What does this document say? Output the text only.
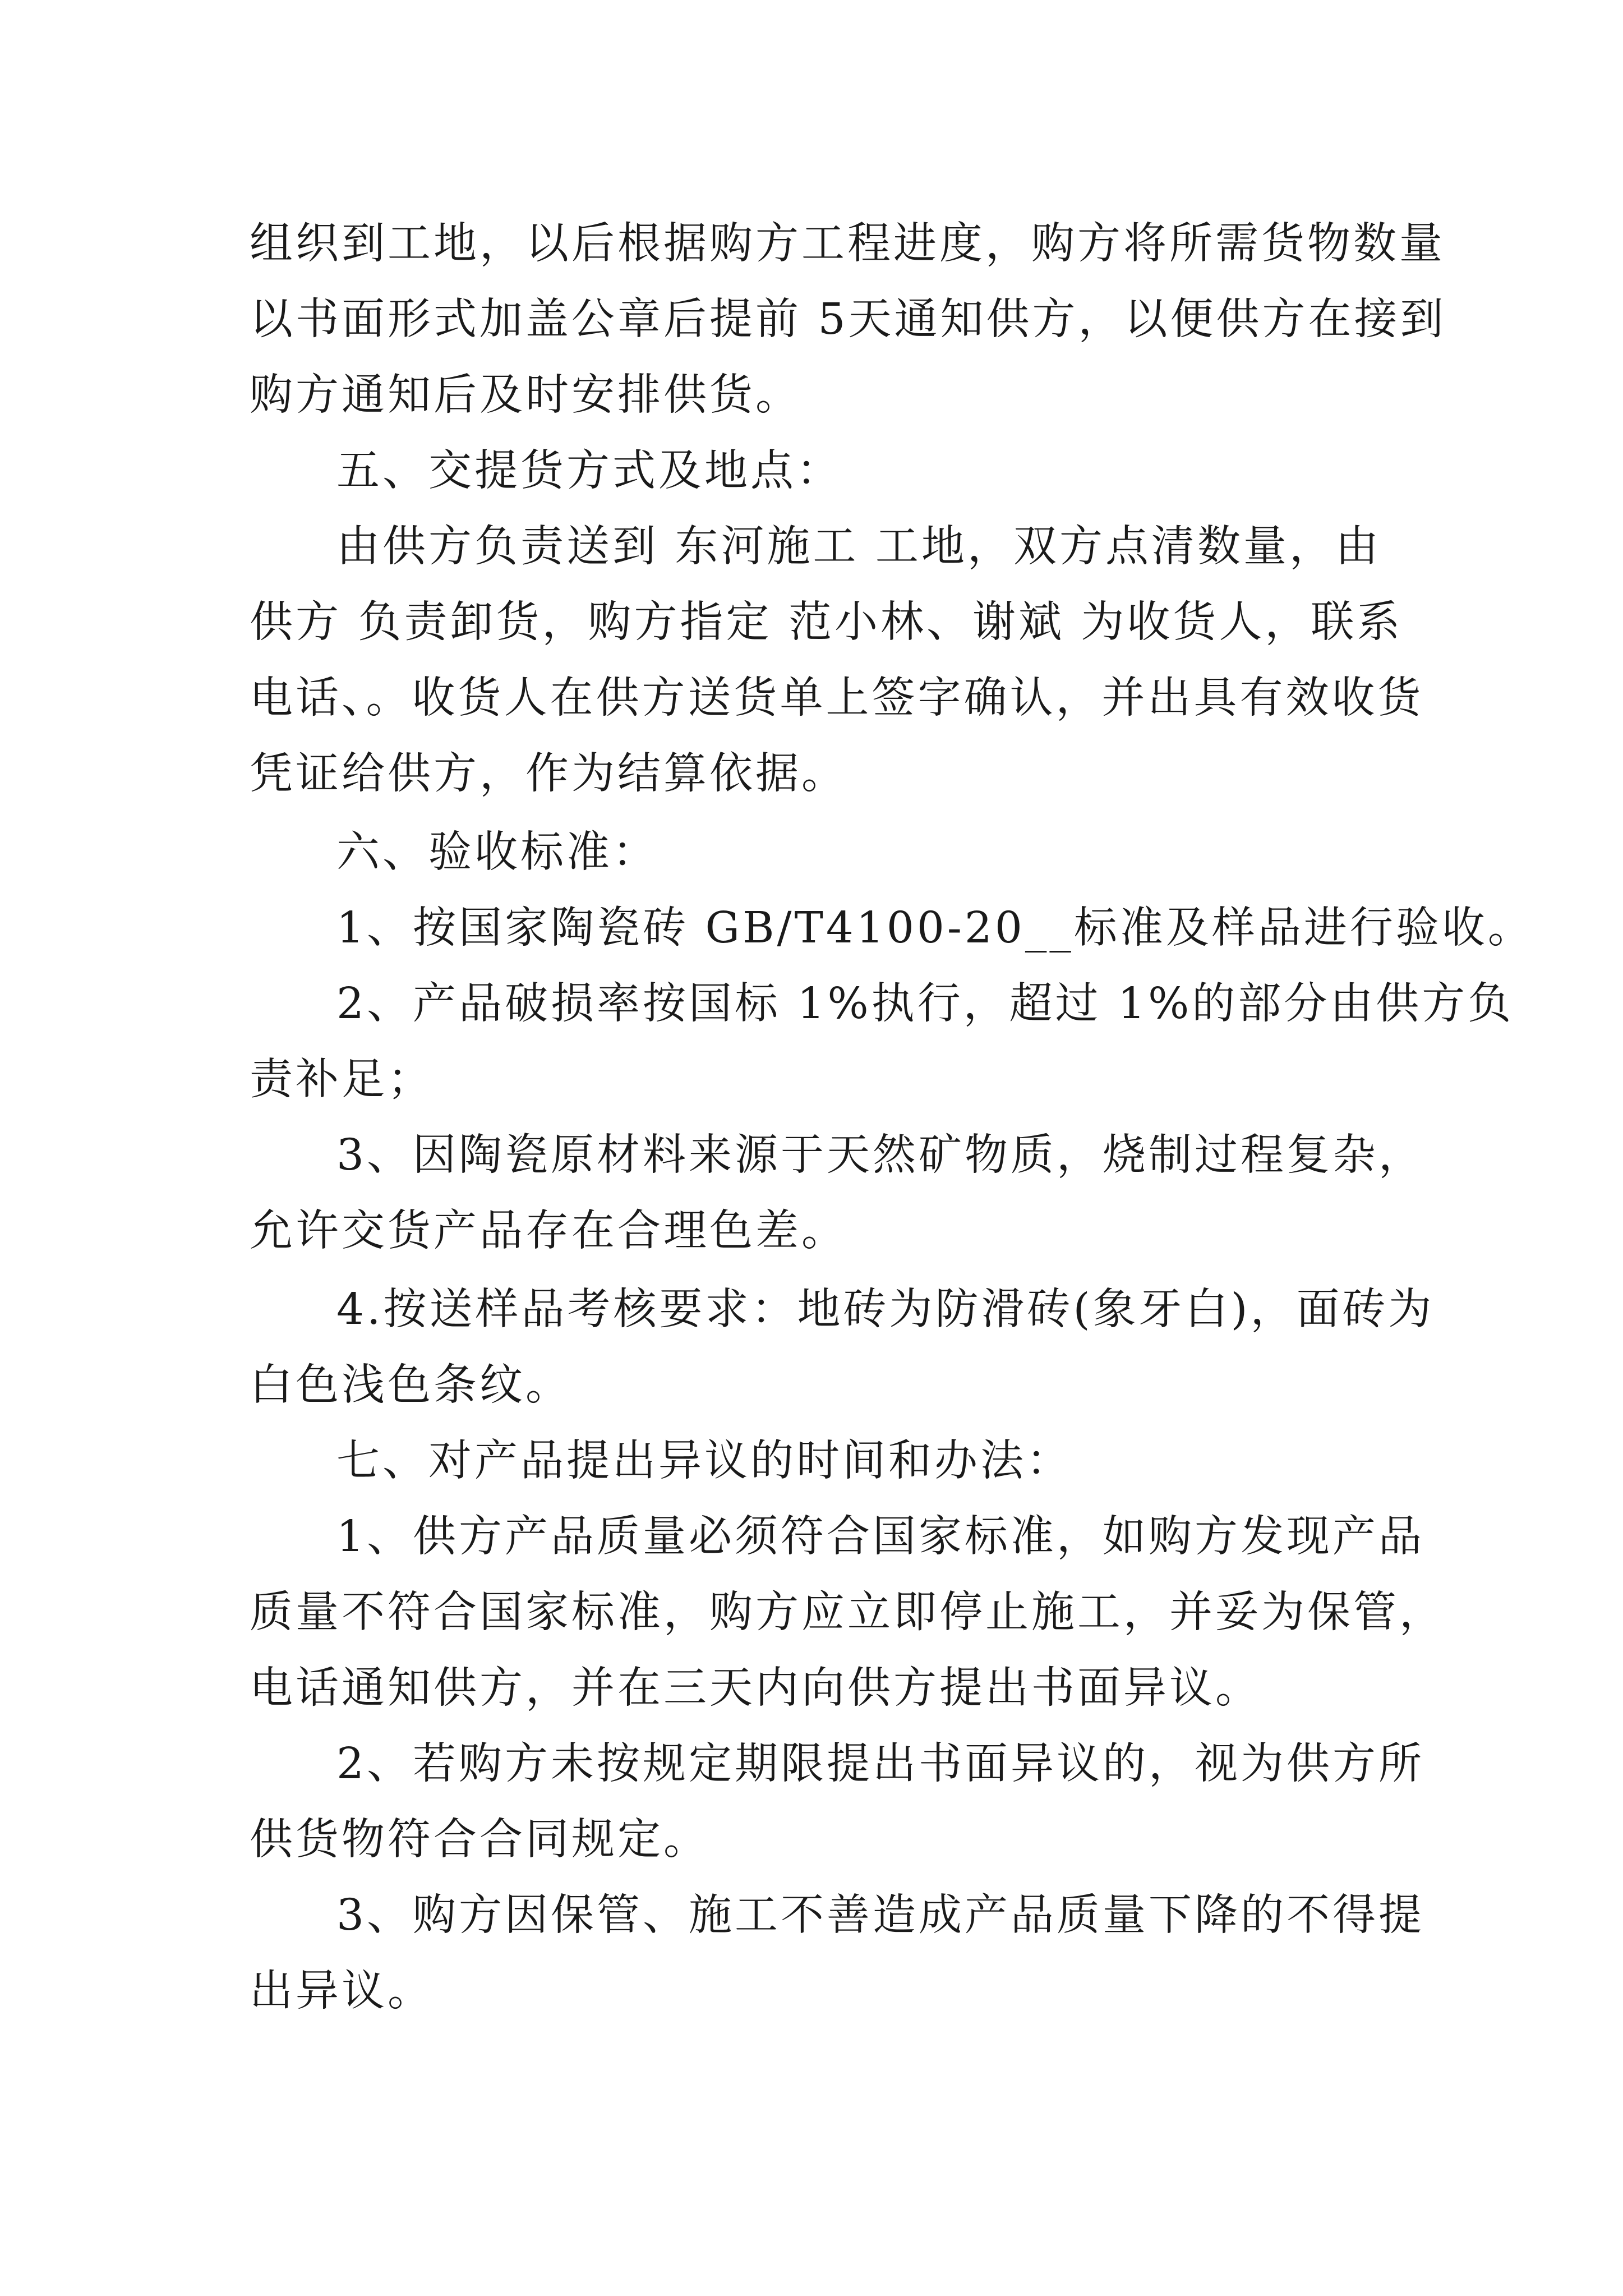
组织到工地，以后根据购方工程进度，购方将所需货物数量
以书面形式加盖公章后提前 5天通知供方，以便供方在接到
购方通知后及时安排供货。
五、交提货方式及地点：
由供方负责送到 东河施工 工地，双方点清数量，由
供方 负责卸货，购方指定 范小林、谢斌 为收货人，联系
电话、。收货人在供方送货单上签字确认，并出具有效收货
凭证给供方，作为结算依据。
六、验收标准：
1、按国家陶瓷砖 GB/T4100-20__标准及样品进行验收。
2、产品破损率按国标 1%执行，超过 1%的部分由供方负
责补足；
3、因陶瓷原材料来源于天然矿物质，烧制过程复杂，
允许交货产品存在合理色差。
4.按送样品考核要求：地砖为防滑砖(象牙白)，面砖为
白色浅色条纹。
七、对产品提出异议的时间和办法：
1、供方产品质量必须符合国家标准，如购方发现产品
质量不符合国家标准，购方应立即停止施工，并妥为保管，
电话通知供方，并在三天内向供方提出书面异议。
2、若购方未按规定期限提出书面异议的，视为供方所
供货物符合合同规定。
3、购方因保管、施工不善造成产品质量下降的不得提
出异议。
